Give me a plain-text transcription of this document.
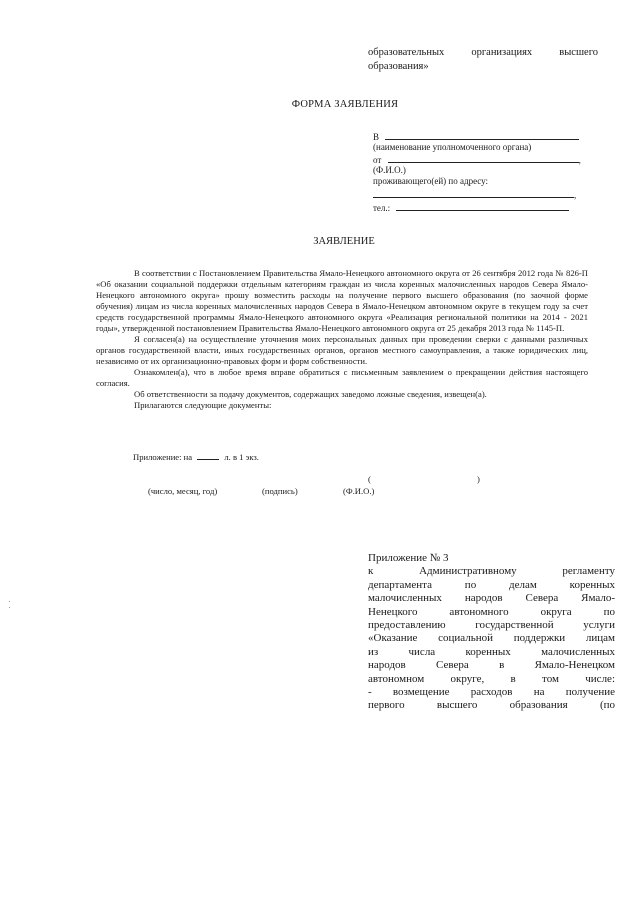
образовательных организациях высшего
образования»
ФОРМА ЗАЯВЛЕНИЯ
В
(наименование уполномоченного органа)
от	,
(Ф.И.О.)
проживающего(ей) по адресу:
,
тел.:
ЗАЯВЛЕНИЕ

В соответствии с Постановлением Правительства Ямало-Ненецкого автономного округа от 26 сентября 2012 года № 826-П «Об оказании социальной поддержки отдельным категориям граждан из числа коренных малочисленных народов Севера Ямало-Ненецкого автономного округа» прошу возместить расходы на получение первого высшего образования (по заочной форме обучения) лицам из числа коренных малочисленных народов Севера в Ямало-Ненецком автономном округе в текущем году за счет средств государственной программы Ямало-Ненецкого автономного округа «Реализация региональной политики на 2014 - 2021 годы», утвержденной постановлением Правительства Ямало-Ненецкого автономного округа от 25 декабря 2013 года № 1145-П.

Я согласен(а) на осуществление уточнения моих персональных данных при проведении сверки с данными различных органов государственной власти, иных государственных органов, органов местного самоуправления, а также юридических лиц, независимо от их организационно-правовых форм и форм собственности.

Ознакомлен(а), что в любое время вправе обратиться с письменным заявлением о прекращении действия настоящего согласия.

Об ответственности за подачу документов, содержащих заведомо ложные сведения, извещен(а).

Прилагаются следующие документы:

Приложение: на	л. в 1 экз.
(	)
(число, месяц, год)	(подпись)	(Ф.И.О.)
Приложение № 3
к Административному регламенту
департамента по делам коренных
малочисленных народов Севера Ямало-
Ненецкого автономного округа по
предоставлению государственной услуги
«Оказание социальной поддержки лицам
из числа коренных малочисленных
народов Севера в Ямало-Ненецком
автономном округе, в том числе:
- возмещение расходов на получение
первого высшего образования (по
